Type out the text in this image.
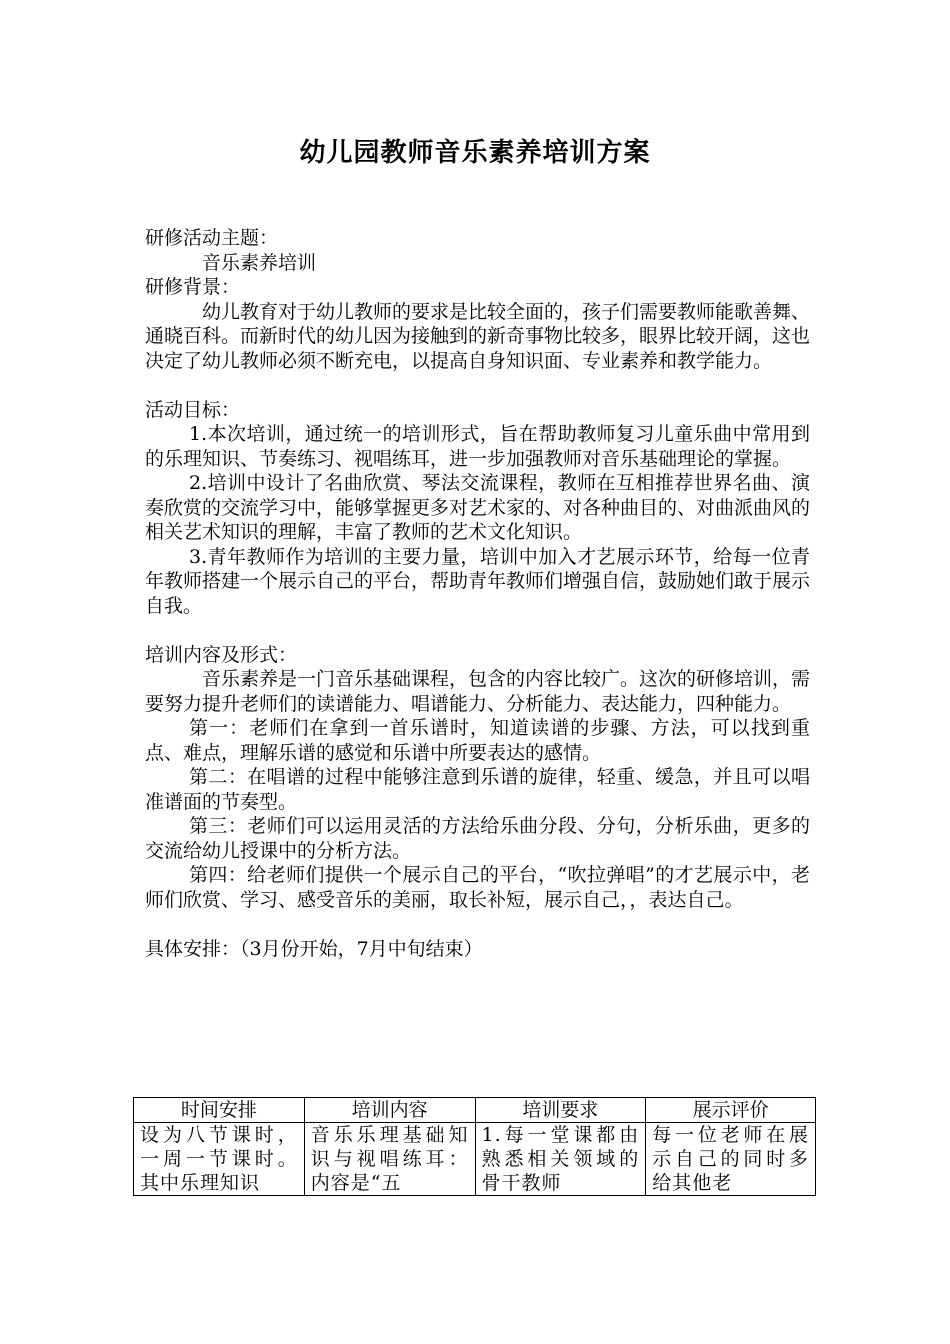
幼儿园教师音乐素养培训方案

研修活动主题：

音乐素养培训

研修背景：

幼儿教育对于幼儿教师的要求是比较全面的，孩子们需要教师能歌善舞、通晓百科。而新时代的幼儿因为接触到的新奇事物比较多，眼界比较开阔，这也决定了幼儿教师必须不断充电，以提高自身知识面、专业素养和教学能力。

活动目标：

1.本次培训，通过统一的培训形式，旨在帮助教师复习儿童乐曲中常用到的乐理知识、节奏练习、视唱练耳，进一步加强教师对音乐基础理论的掌握。

2.培训中设计了名曲欣赏、琴法交流课程，教师在互相推荐世界名曲、演奏欣赏的交流学习中，能够掌握更多对艺术家的、对各种曲目的、对曲派曲风的相关艺术知识的理解，丰富了教师的艺术文化知识。

3.青年教师作为培训的主要力量，培训中加入才艺展示环节，给每一位青年教师搭建一个展示自己的平台，帮助青年教师们增强自信，鼓励她们敢于展示自我。

培训内容及形式：

音乐素养是一门音乐基础课程，包含的内容比较广。这次的研修培训，需要努力提升老师们的读谱能力、唱谱能力、分析能力、表达能力，四种能力。

第一：老师们在拿到一首乐谱时，知道读谱的步骤、方法，可以找到重点、难点，理解乐谱的感觉和乐谱中所要表达的感情。

第二：在唱谱的过程中能够注意到乐谱的旋律，轻重、缓急，并且可以唱准谱面的节奏型。

第三：老师们可以运用灵活的方法给乐曲分段、分句，分析乐曲，更多的交流给幼儿授课中的分析方法。

第四：给老师们提供一个展示自己的平台，“吹拉弹唱”的才艺展示中，老师们欣赏、学习、感受音乐的美丽，取长补短，展示自己，，表达自己。

具体安排：（3月份开始，7月中旬结束）

时间安排	培训内容	培训要求	展示评价
设为八节课时，一周一节课时。其中乐理知识	音乐乐理基础知识与视唱练耳：内容是“五	1.每一堂课都由熟悉相关领域的骨干教师	每一位老师在展示自己的同时多给其他老
